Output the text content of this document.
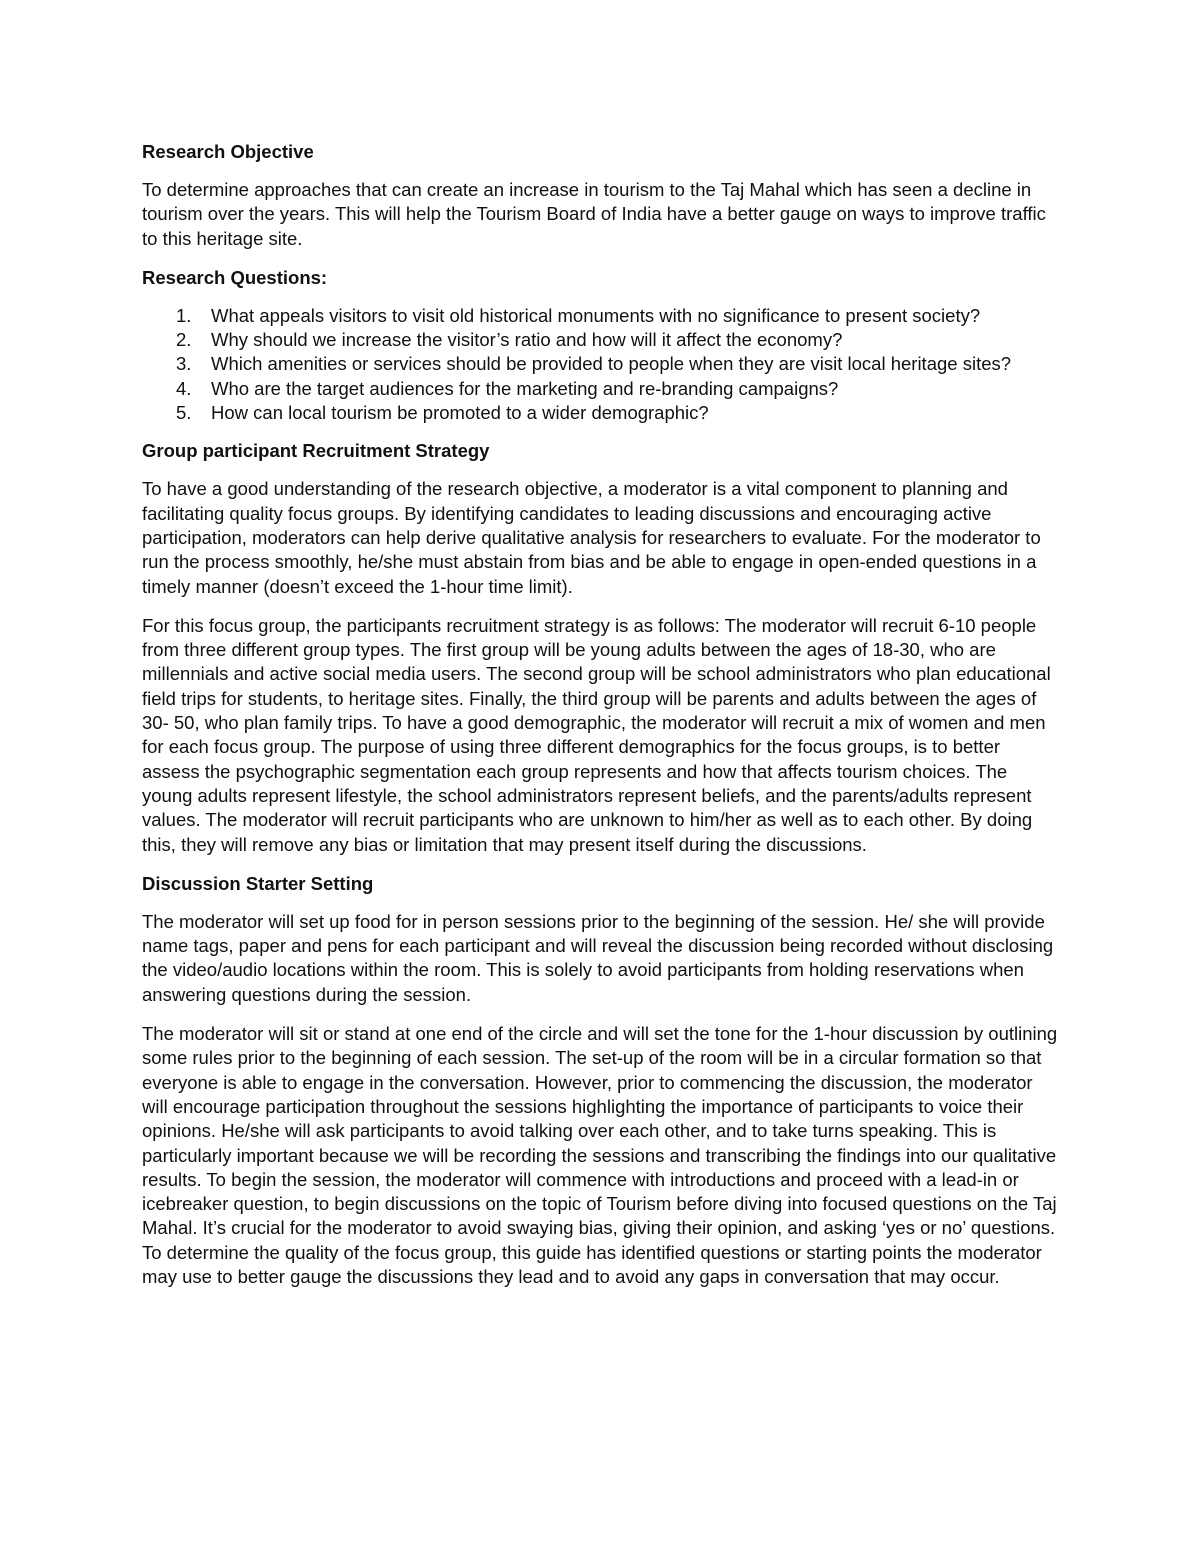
Research Objective

To determine approaches that can create an increase in tourism to the Taj Mahal which has seen a decline in tourism over the years. This will help the Tourism Board of India have a better gauge on ways to improve traffic to this heritage site.

Research Questions:
1. What appeals visitors to visit old historical monuments with no significance to present society?
2. Why should we increase the visitor’s ratio and how will it affect the economy?
3. Which amenities or services should be provided to people when they are visit local heritage sites?
4. Who are the target audiences for the marketing and re-branding campaigns?
5. How can local tourism be promoted to a wider demographic?
Group participant Recruitment Strategy

To have a good understanding of the research objective, a moderator is a vital component to planning and facilitating quality focus groups. By identifying candidates to leading discussions and encouraging active participation, moderators can help derive qualitative analysis for researchers to evaluate. For the moderator to run the process smoothly, he/she must abstain from bias and be able to engage in open-ended questions in a timely manner (doesn’t exceed the 1-hour time limit).

For this focus group, the participants recruitment strategy is as follows: The moderator will recruit 6-10 people from three different group types. The first group will be young adults between the ages of 18-30, who are millennials and active social media users. The second group will be school administrators who plan educational field trips for students, to heritage sites. Finally, the third group will be parents and adults between the ages of 30- 50, who plan family trips. To have a good demographic, the moderator will recruit a mix of women and men for each focus group. The purpose of using three different demographics for the focus groups, is to better assess the psychographic segmentation each group represents and how that affects tourism choices. The young adults represent lifestyle, the school administrators represent beliefs, and the parents/adults represent values. The moderator will recruit participants who are unknown to him/her as well as to each other. By doing this, they will remove any bias or limitation that may present itself during the discussions.

Discussion Starter Setting

The moderator will set up food for in person sessions prior to the beginning of the session. He/ she will provide name tags, paper and pens for each participant and will reveal the discussion being recorded without disclosing the video/audio locations within the room. This is solely to avoid participants from holding reservations when answering questions during the session.

The moderator will sit or stand at one end of the circle and will set the tone for the 1-hour discussion by outlining some rules prior to the beginning of each session. The set-up of the room will be in a circular formation so that everyone is able to engage in the conversation. However, prior to commencing the discussion, the moderator will encourage participation throughout the sessions highlighting the importance of participants to voice their opinions. He/she will ask participants to avoid talking over each other, and to take turns speaking. This is particularly important because we will be recording the sessions and transcribing the findings into our qualitative results. To begin the session, the moderator will commence with introductions and proceed with a lead-in or icebreaker question, to begin discussions on the topic of Tourism before diving into focused questions on the Taj Mahal. It’s crucial for the moderator to avoid swaying bias, giving their opinion, and asking ‘yes or no’ questions. To determine the quality of the focus group, this guide has identified questions or starting points the moderator may use to better gauge the discussions they lead and to avoid any gaps in conversation that may occur.
